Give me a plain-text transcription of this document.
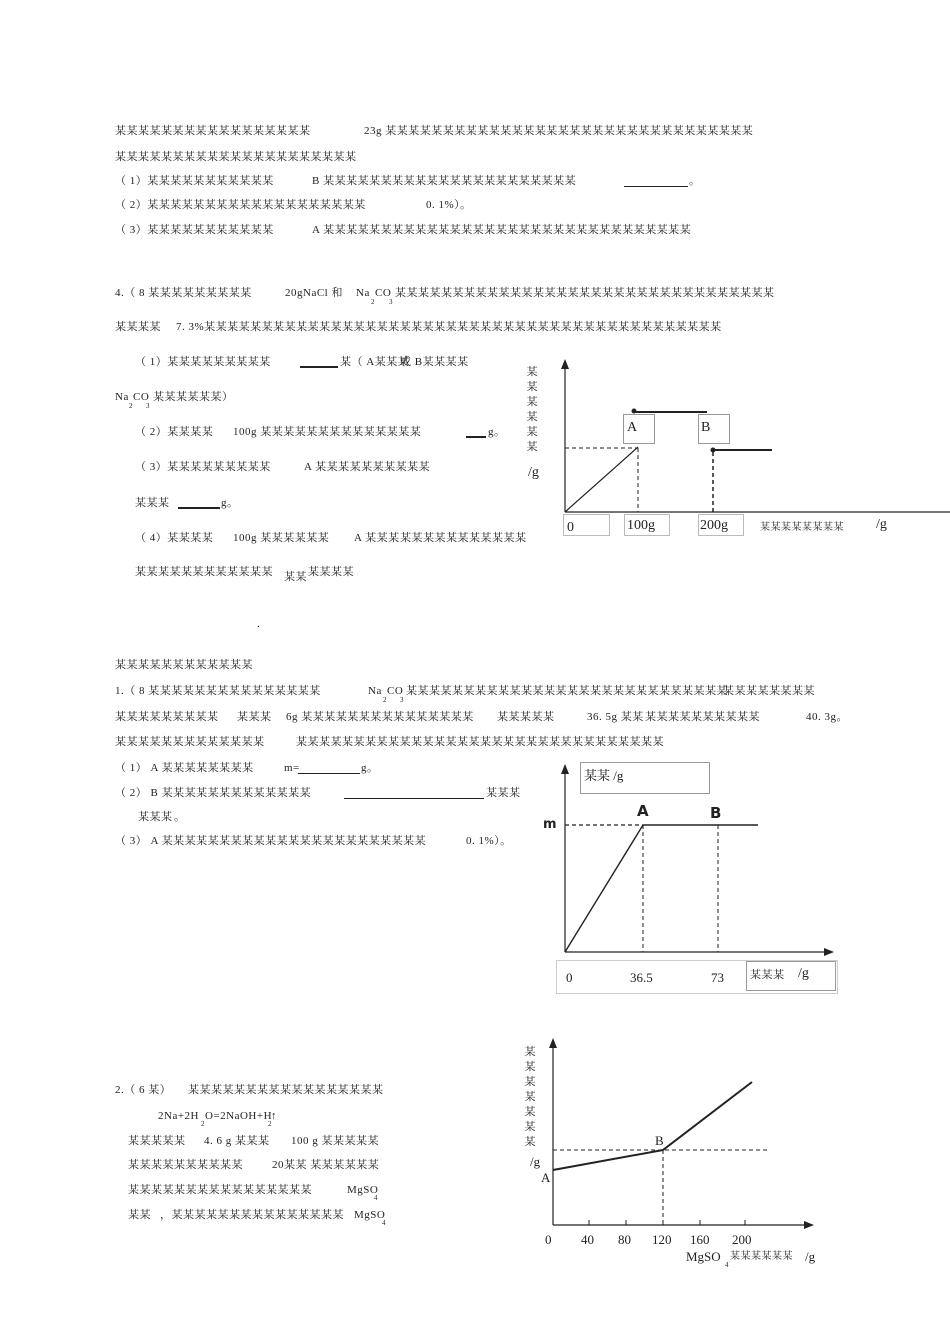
某某某某某某某某某某某某某某某某某	23g 某某某某某某某某某某某某某某某某某某某某某某某某某某某某某某某某
某某某某某某某某某某某某某某某某某某某某某
（ 1）某某某某某某某某某某某	B 某某某某某某某某某某某某某某某某某某某某某某	。
（ 2）某某某某某某某某某某某某某某某某某某某	0. 1%）。
（ 3）某某某某某某某某某某某	A 某某某某某某某某某某某某某某某某某某某某某某某某某某某某某某某某
4.（ 8 某某某某某某某某某	20gNaCl 和 Na
2
CO
3
某某某某某某某某某某某某某某某某某某某某某某某某某某某某某某某某某
某某某某 7. 3%某某某某某某某某某某某某某某某某某某某某某某某某某某某某某某某某某某某某某某某某某某某某某
（ 1）某某某某某某某某某	某（ A某某某
或 B某某某某
Na
2
CO
3
某某某某某某）
（ 2）某某某某 100g 某某某某某某某某某某某某某某	g。
（ 3）某某某某某某某某某	A 某某某某某某某某某某
某某某	g。
（ 4）某某某某 100g 某某某某某某 A 某某某 某某某某某某某某某某某
某某某某某某某某某某某某 某某 某某某某
.
某
某
某
某
某
某
/g
A	B
0	100g	200g	某某某某某某某某 /g
某某某某某某某某某某某某
1.（ 8 某某某某某某某某某某某某某某某	Na
2
CO
3
某某某某某某某某某某某某某某某某某某某某某某某某某某某某
某某某某某某某某
某某某某某某某某某 某某某 6g 某某某某某某某某某某某某某某某 某某某某某	36. 5g 某某 某某某某某某某某某某	40. 3g。
某某某某某某某某某某某某某	某某某某某某某某某某某某某某某某某某某某某某某某某某某某某某某某
（ 1） A 某某某某某某某某	m=	g。
（ 2） B 某某某某某某某某某某某某某	某某某
某某某 。
（ 3） A 某某某某某某某某某某某某某某某某某某某某某某某	0. 1%）。
某某 /g
m
A	B
0	36.5	73 某某某 /g
2.（ 6 某） 某某某某某某某某某某某某某某某某某
2Na+2H
2
O=2NaOH+H
2
↑
某某某某某 4. 6 g 某某某 100 g 某某某某某
某某某某某某某某某某	20某某 某某某某某某
某某某某某某某某某某某某某某某某	MgSO
4
某某 ，某某某某某某某某某某某某某某某 MgSO
4
某
某
某
某
某
某
某
/g
A
B
0 40 80 120 160 200
MgSO
4
某某某某某某 /g
